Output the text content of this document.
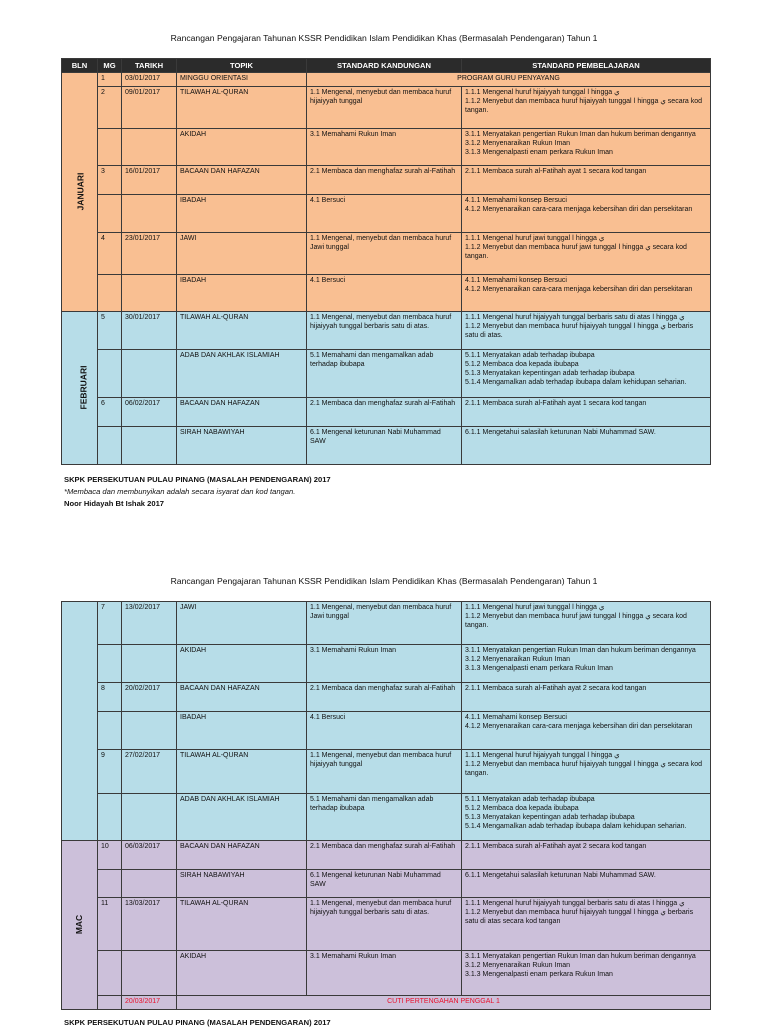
Rancangan Pengajaran Tahunan KSSR Pendidikan Islam Pendidikan Khas (Bermasalah Pendengaran) Tahun 1
BLN	MG	TARIKH	TOPIK	STANDARD KANDUNGAN	STANDARD PEMBELAJARAN
JANUARI	1	03/01/2017	MINGGU ORIENTASI	PROGRAM GURU PENYAYANG	
	2	09/01/2017	TILAWAH AL-QURAN	1.1 Mengenal, menyebut dan membaca huruf hijaiyyah tunggal	1.1.1 Mengenal huruf hijaiyyah tunggal ا hingga ي
1.1.2 Menyebut dan membaca huruf hijaiyyah tunggal ا hingga ي secara kod tangan.

			AKIDAH	3.1 Memahami Rukun Iman	3.1.1 Menyatakan pengertian Rukun Iman dan hukum beriman dengannya
3.1.2 Menyenaraikan Rukun Iman
3.1.3 Mengenalpasti enam perkara Rukun Iman

	3	16/01/2017	BACAAN DAN HAFAZAN	2.1 Membaca dan menghafaz surah al-Fatihah	2.1.1 Membaca surah al-Fatihah ayat 1 secara kod tangan

			IBADAH	4.1 Bersuci	4.1.1 Memahami konsep Bersuci
4.1.2 Menyenaraikan cara-cara menjaga kebersihan diri dan persekitaran

	4	23/01/2017	JAWI	1.1 Mengenal, menyebut dan membaca huruf Jawi tunggal	1.1.1 Mengenal huruf jawi tunggal ا hingga ي
1.1.2 Menyebut dan membaca huruf jawi tunggal ا hingga ي secara kod tangan.

			IBADAH	4.1 Bersuci	4.1.1 Memahami konsep Bersuci
4.1.2 Menyenaraikan cara-cara menjaga kebersihan diri dan persekitaran

FEBRUARI	5	30/01/2017	TILAWAH AL-QURAN	1.1 Mengenal, menyebut dan membaca huruf hijaiyyah tunggal berbaris satu di atas.	1.1.1 Mengenal huruf hijaiyyah tunggal berbaris satu di atas ا hingga ي
1.1.2 Menyebut dan membaca huruf hijaiyyah tunggal ا hingga ي berbaris satu di atas.

			ADAB DAN AKHLAK ISLAMIAH	5.1 Memahami dan mengamalkan adab terhadap ibubapa	5.1.1 Menyatakan adab terhadap ibubapa
5.1.2 Membaca doa kepada ibubapa
5.1.3 Menyatakan kepentingan adab terhadap ibubapa
5.1.4 Mengamalkan adab terhadap ibubapa dalam kehidupan seharian.

	6	06/02/2017	BACAAN DAN HAFAZAN	2.1 Membaca dan menghafaz surah al-Fatihah	2.1.1 Membaca surah al-Fatihah ayat 1 secara kod tangan

			SIRAH NABAWIYAH	6.1 Mengenal keturunan Nabi Muhammad SAW	6.1.1 Mengetahui salasilah keturunan Nabi Muhammad SAW.
SKPK PERSEKUTUAN PULAU PINANG (MASALAH PENDENGARAN) 2017
*Membaca dan membunyikan adalah secara isyarat dan kod tangan.
Noor Hidayah Bt Ishak 2017
Rancangan Pengajaran Tahunan KSSR Pendidikan Islam Pendidikan Khas (Bermasalah Pendengaran) Tahun 1
	7	13/02/2017	JAWI	1.1 Mengenal, menyebut dan membaca huruf Jawi tunggal	1.1.1 Mengenal huruf jawi tunggal ا hingga ي
1.1.2 Menyebut dan membaca huruf jawi tunggal ا hingga ي secara kod tangan.

			AKIDAH	3.1 Memahami Rukun Iman	3.1.1 Menyatakan pengertian Rukun Iman dan hukum beriman dengannya
3.1.2 Menyenaraikan Rukun Iman
3.1.3 Mengenalpasti enam perkara Rukun Iman

	8	20/02/2017	BACAAN DAN HAFAZAN	2.1 Membaca dan menghafaz surah al-Fatihah	2.1.1 Membaca surah al-Fatihah ayat 2 secara kod tangan

			IBADAH	4.1 Bersuci	4.1.1 Memahami konsep Bersuci
4.1.2 Menyenaraikan cara-cara menjaga kebersihan diri dan persekitaran

	9	27/02/2017	TILAWAH AL-QURAN	1.1 Mengenal, menyebut dan membaca huruf hijaiyyah tunggal	1.1.1 Mengenal huruf hijaiyyah tunggal ا hingga ي
1.1.2 Menyebut dan membaca huruf hijaiyyah tunggal ا hingga ي secara kod tangan.

			ADAB DAN AKHLAK ISLAMIAH	5.1 Memahami dan mengamalkan adab terhadap ibubapa	5.1.1 Menyatakan adab terhadap ibubapa
5.1.2 Membaca doa kepada ibubapa
5.1.3 Menyatakan kepentingan adab terhadap ibubapa
5.1.4 Mengamalkan adab terhadap ibubapa dalam kehidupan seharian.

MAC	10	06/03/2017	BACAAN DAN HAFAZAN	2.1 Membaca dan menghafaz surah al-Fatihah	2.1.1 Membaca surah al-Fatihah ayat 2 secara kod tangan

			SIRAH NABAWIYAH	6.1 Mengenal keturunan Nabi Muhammad SAW	6.1.1 Mengetahui salasilah keturunan Nabi Muhammad SAW.

	11	13/03/2017	TILAWAH AL-QURAN	1.1 Mengenal, menyebut dan membaca huruf hijaiyyah tunggal berbaris satu di atas.	1.1.1 Mengenal huruf hijaiyyah tunggal berbaris satu di atas ا hingga ي
1.1.2 Menyebut dan membaca huruf hijaiyyah tunggal ا hingga ي berbaris satu di atas secara kod tangan

			AKIDAH	3.1 Memahami Rukun Iman	3.1.1 Menyatakan pengertian Rukun Iman dan hukum beriman dengannya
3.1.2 Menyenaraikan Rukun Iman
3.1.3 Mengenalpasti enam perkara Rukun Iman

		20/03/2017	CUTI PERTENGAHAN PENGGAL 1		
SKPK PERSEKUTUAN PULAU PINANG (MASALAH PENDENGARAN) 2017
